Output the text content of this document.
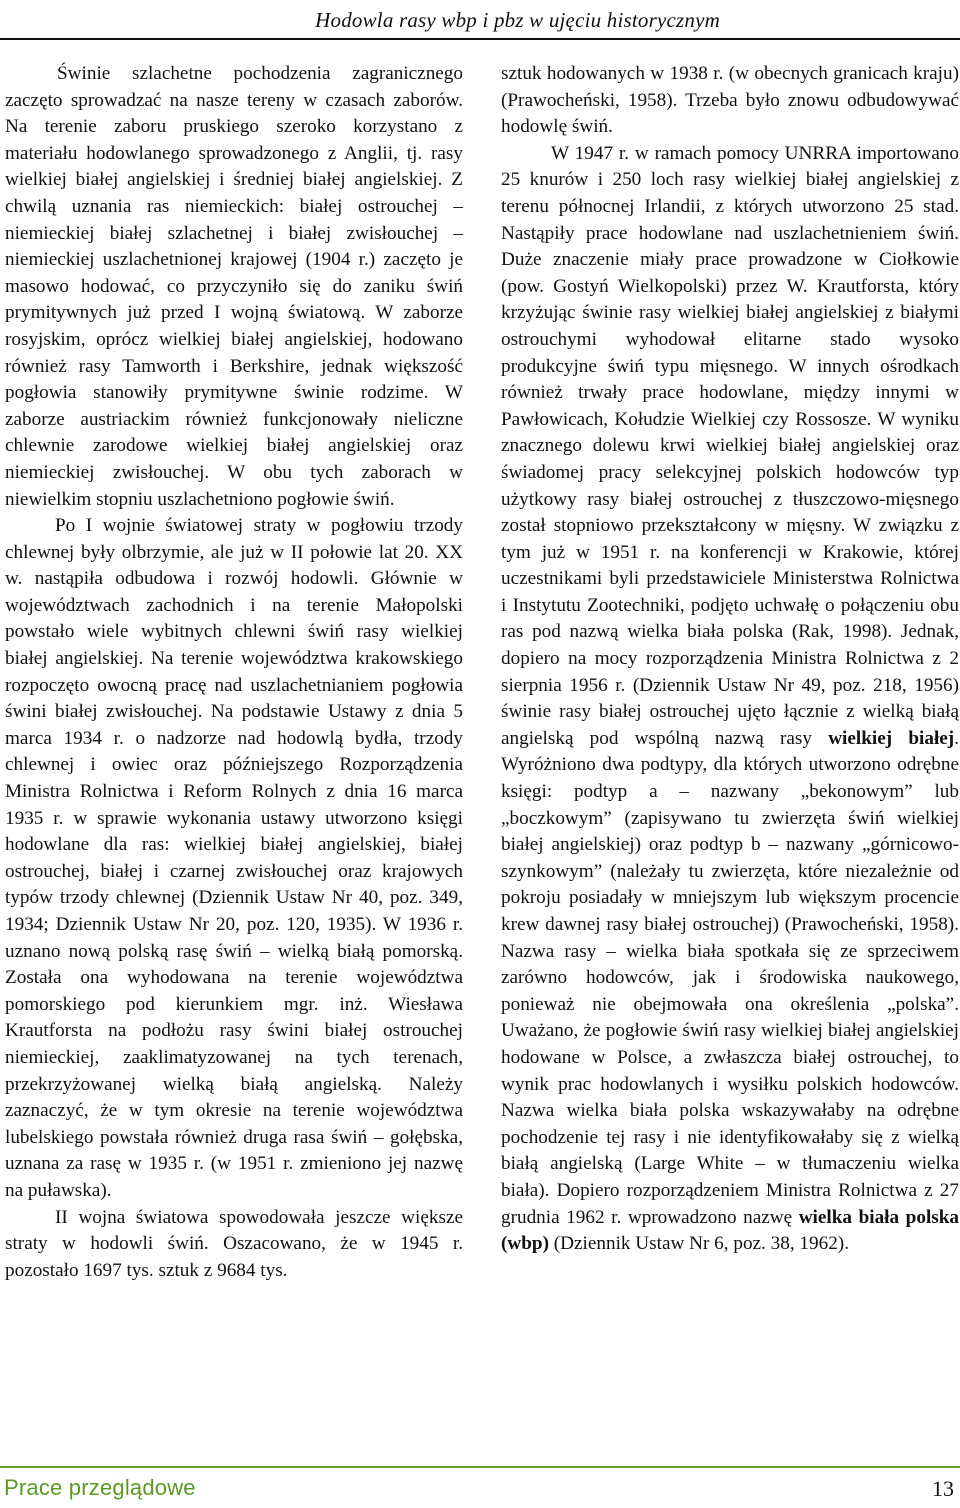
Hodowla rasy wbp i pbz w ujęciu historycznym

Świnie szlachetne pochodzenia zagranicznego zaczęto sprowadzać na nasze tereny w czasach zaborów. Na terenie zaboru pruskiego szeroko korzystano z materiału hodowlanego sprowadzonego z Anglii, tj. rasy wielkiej białej angielskiej i średniej białej angielskiej. Z chwilą uznania ras niemieckich: białej ostrouchej – niemieckiej białej szlachetnej i białej zwisłouchej – niemieckiej uszlachetnionej krajowej (1904 r.) zaczęto je masowo hodować, co przyczyniło się do zaniku świń prymitywnych już przed I wojną światową. W zaborze rosyjskim, oprócz wielkiej białej angielskiej, hodowano również rasy Tamworth i Berkshire, jednak większość pogłowia stanowiły prymitywne świnie rodzime. W zaborze austriackim również funkcjonowały nieliczne chlewnie zarodowe wielkiej białej angielskiej oraz niemieckiej zwisłouchej. W obu tych zaborach w niewielkim stopniu uszlachetniono pogłowie świń.

Po I wojnie światowej straty w pogłowiu trzody chlewnej były olbrzymie, ale już w II połowie lat 20. XX w. nastąpiła odbudowa i rozwój hodowli. Głównie w województwach zachodnich i na terenie Małopolski powstało wiele wybitnych chlewni świń rasy wielkiej białej angielskiej. Na terenie województwa krakowskiego rozpoczęto owocną pracę nad uszlachetnianiem pogłowia świni białej zwisłouchej. Na podstawie Ustawy z dnia 5 marca 1934 r. o nadzorze nad hodowlą bydła, trzody chlewnej i owiec oraz późniejszego Rozporządzenia Ministra Rolnictwa i Reform Rolnych z dnia 16 marca 1935 r. w sprawie wykonania ustawy utworzono księgi hodowlane dla ras: wielkiej białej angielskiej, białej ostrouchej, białej i czarnej zwisłouchej oraz krajowych typów trzody chlewnej (Dziennik Ustaw Nr 40, poz. 349, 1934; Dziennik Ustaw Nr 20, poz. 120, 1935). W 1936 r. uznano nową polską rasę świń – wielką białą pomorską. Została ona wyhodowana na terenie województwa pomorskiego pod kierunkiem mgr. inż. Wiesława Krautforsta na podłożu rasy świni białej ostrouchej niemieckiej, zaaklimatyzowanej na tych terenach, przekrzyżowanej wielką białą angielską. Należy zaznaczyć, że w tym okresie na terenie województwa lubelskiego powstała również druga rasa świń – gołębska, uznana za rasę w 1935 r. (w 1951 r. zmieniono jej nazwę na puławska).

II wojna światowa spowodowała jeszcze większe straty w hodowli świń. Oszacowano, że w 1945 r. pozostało 1697 tys. sztuk z 9684 tys.

sztuk hodowanych w 1938 r. (w obecnych granicach kraju) (Prawocheński, 1958). Trzeba było znowu odbudowywać hodowlę świń.

W 1947 r. w ramach pomocy UNRRA importowano 25 knurów i 250 loch rasy wielkiej białej angielskiej z terenu północnej Irlandii, z których utworzono 25 stad. Nastąpiły prace hodowlane nad uszlachetnieniem świń. Duże znaczenie miały prace prowadzone w Ciołkowie (pow. Gostyń Wielkopolski) przez W. Krautforsta, który krzyżując świnie rasy wielkiej białej angielskiej z białymi ostrouchymi wyhodował elitarne stado wysoko produkcyjne świń typu mięsnego. W innych ośrodkach również trwały prace hodowlane, między innymi w Pawłowicach, Kołudzie Wielkiej czy Rossosze. W wyniku znacznego dolewu krwi wielkiej białej angielskiej oraz świadomej pracy selekcyjnej polskich hodowców typ użytkowy rasy białej ostrouchej z tłuszczowo-mięsnego został stopniowo przekształcony w mięsny. W związku z tym już w 1951 r. na konferencji w Krakowie, której uczestnikami byli przedstawiciele Ministerstwa Rolnictwa i Instytutu Zootechniki, podjęto uchwałę o połączeniu obu ras pod nazwą wielka biała polska (Rak, 1998). Jednak, dopiero na mocy rozporządzenia Ministra Rolnictwa z 2 sierpnia 1956 r. (Dziennik Ustaw Nr 49, poz. 218, 1956) świnie rasy białej ostrouchej ujęto łącznie z wielką białą angielską pod wspólną nazwą rasy wielkiej białej. Wyróżniono dwa podtypy, dla których utworzono odrębne księgi: podtyp a – nazwany „bekonowym” lub „boczkowym” (zapisywano tu zwierzęta świń wielkiej białej angielskiej) oraz podtyp b – nazwany „górnicowo-szynkowym” (należały tu zwierzęta, które niezależnie od pokroju posiadały w mniejszym lub większym procencie krew dawnej rasy białej ostrouchej) (Prawocheński, 1958). Nazwa rasy – wielka biała spotkała się ze sprzeciwem zarówno hodowców, jak i środowiska naukowego, ponieważ nie obejmowała ona określenia „polska”. Uważano, że pogłowie świń rasy wielkiej białej angielskiej hodowane w Polsce, a zwłaszcza białej ostrouchej, to wynik prac hodowlanych i wysiłku polskich hodowców. Nazwa wielka biała polska wskazywałaby na odrębne pochodzenie tej rasy i nie identyfikowałaby się z wielką białą angielską (Large White – w tłumaczeniu wielka biała). Dopiero rozporządzeniem Ministra Rolnictwa z 27 grudnia 1962 r. wprowadzono nazwę wielka biała polska (wbp) (Dziennik Ustaw Nr 6, poz. 38, 1962).

Prace przeglądowe	13
